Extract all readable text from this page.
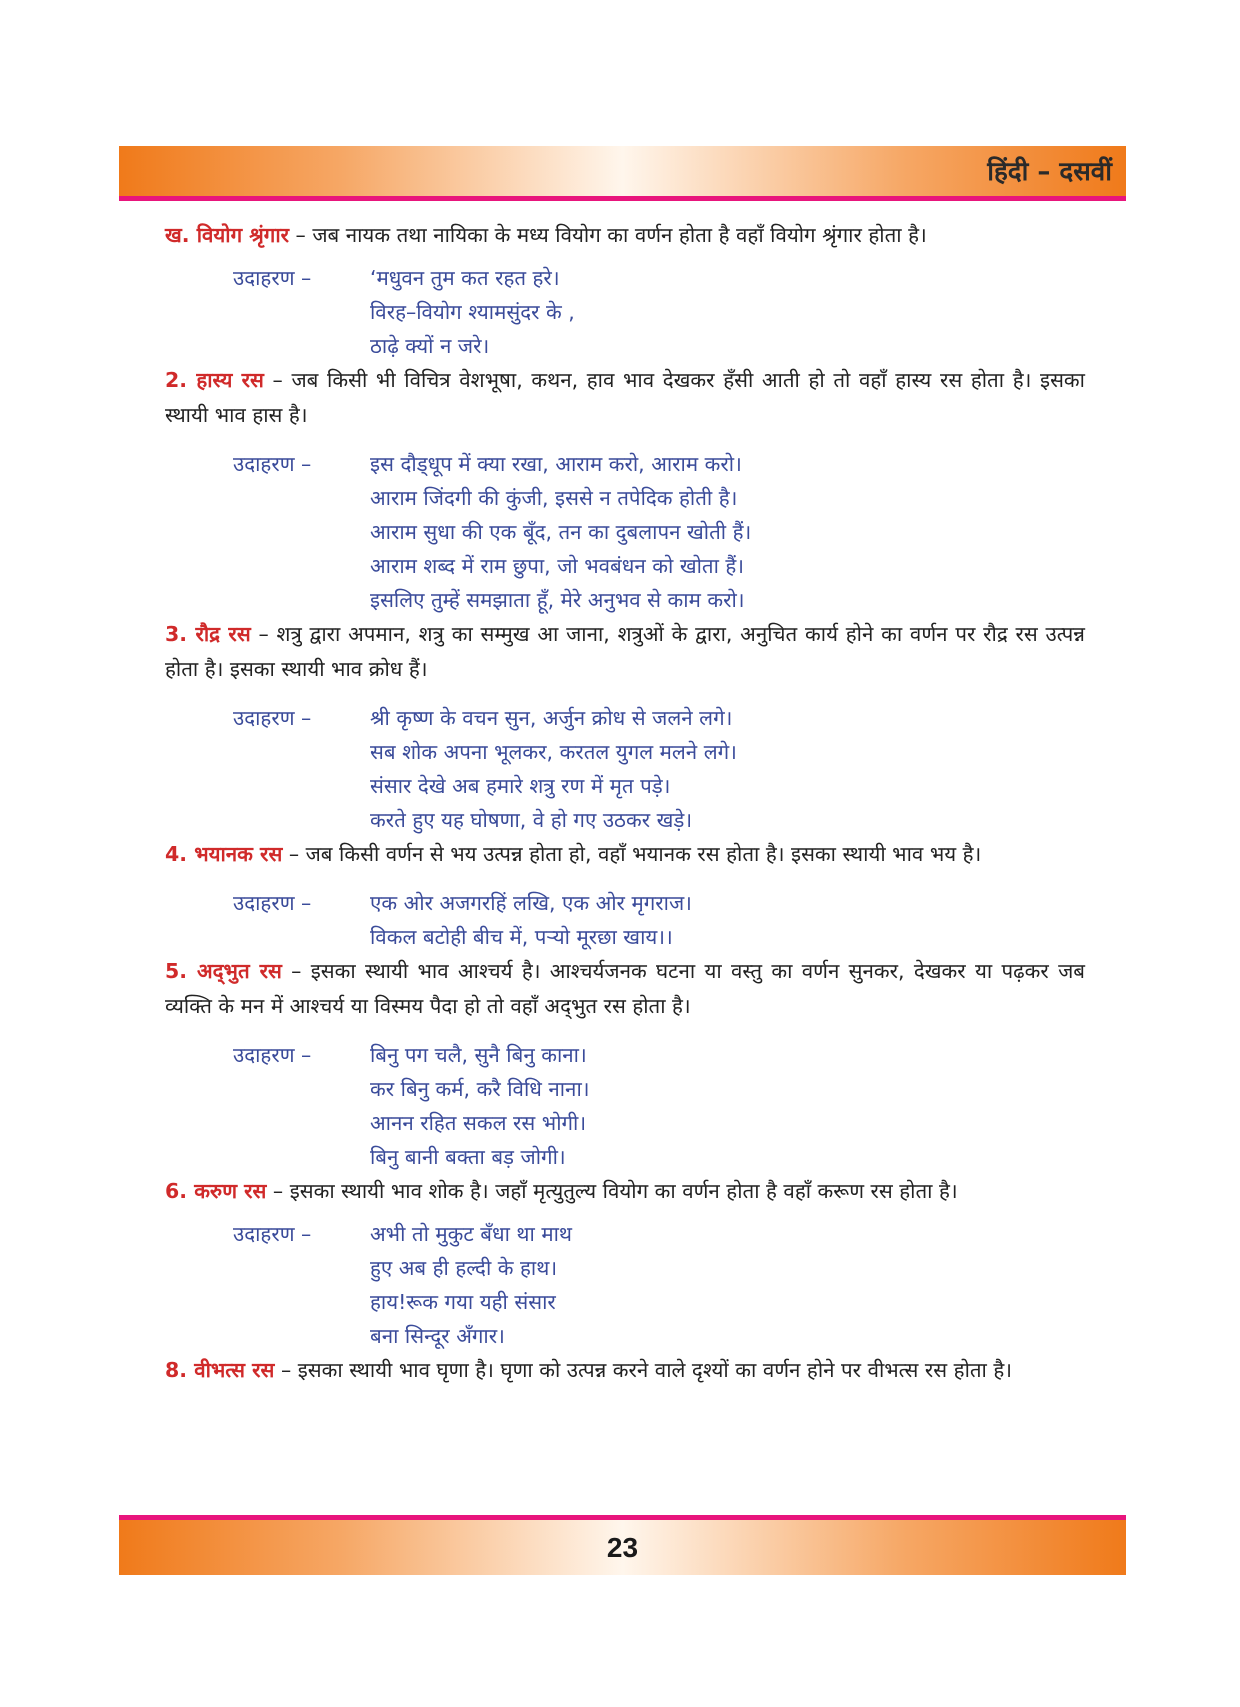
हिंदी – दसवीं

ख. वियोग श्रृंगार – जब नायक तथा नायिका के मध्य वियोग का वर्णन होता है वहाँ वियोग श्रृंगार होता है।

उदाहरण –	‘मधुवन तुम कत रहत हरे।

विरह–वियोग श्यामसुंदर के ,

ठाढ़े क्यों न जरे।

2. हास्य रस – जब किसी भी विचित्र वेशभूषा, कथन, हाव भाव देखकर हँसी आती हो तो वहाँ हास्य रस होता है। इसका स्थायी भाव हास है।

उदाहरण –	इस दौड्धूप में क्या रखा, आराम करो, आराम करो।

आराम जिंदगी की कुंजी, इससे न तपेदिक होती है।

आराम सुधा की एक बूँद, तन का दुबलापन खोती हैं।

आराम शब्द में राम छुपा, जो भवबंधन को खोता हैं।

इसलिए तुम्हें समझाता हूँ, मेरे अनुभव से काम करो।

3. रौद्र रस – शत्रु द्वारा अपमान, शत्रु का सम्मुख आ जाना, शत्रुओं के द्वारा, अनुचित कार्य होने का वर्णन पर रौद्र रस उत्पन्न होता है। इसका स्थायी भाव क्रोध हैं।

उदाहरण –	श्री कृष्ण के वचन सुन, अर्जुन क्रोध से जलने लगे।

सब शोक अपना भूलकर, करतल युगल मलने लगे।

संसार देखे अब हमारे शत्रु रण में मृत पड़े।

करते हुए यह घोषणा, वे हो गए उठकर खड़े।

4. भयानक रस – जब किसी वर्णन से भय उत्पन्न होता हो, वहाँ भयानक रस होता है। इसका स्थायी भाव भय है।

उदाहरण –	एक ओर अजगरहिं लखि, एक ओर मृगराज।

विकल बटोही बीच में, पर्‍यो मूरछा खाय।।

5. अद्‍भुत रस – इसका स्थायी भाव आश्चर्य है। आश्चर्यजनक घटना या वस्तु का वर्णन सुनकर, देखकर या पढ़कर जब व्यक्ति के मन में आश्चर्य या विस्मय पैदा हो तो वहाँ अद्‍भुत रस होता है।

उदाहरण –	बिनु पग चलै, सुनै बिनु काना।

कर बिनु कर्म, करै विधि नाना।

आनन रहित सकल रस भोगी।

बिनु बानी बक्ता बड़ जोगी।

6. करुण रस – इसका स्थायी भाव शोक है। जहाँ मृत्युतुल्य वियोग का वर्णन होता है वहाँ करूण रस होता है।

उदाहरण –	अभी तो मुकुट बँधा था माथ

हुए अब ही हल्दी के हाथ।

हाय!रूक गया यही संसार

बना सिन्दूर अँगार।

8. वीभत्स रस – इसका स्थायी भाव घृणा है। घृणा को उत्पन्न करने वाले दृश्यों का वर्णन होने पर वीभत्स रस होता है।

23
